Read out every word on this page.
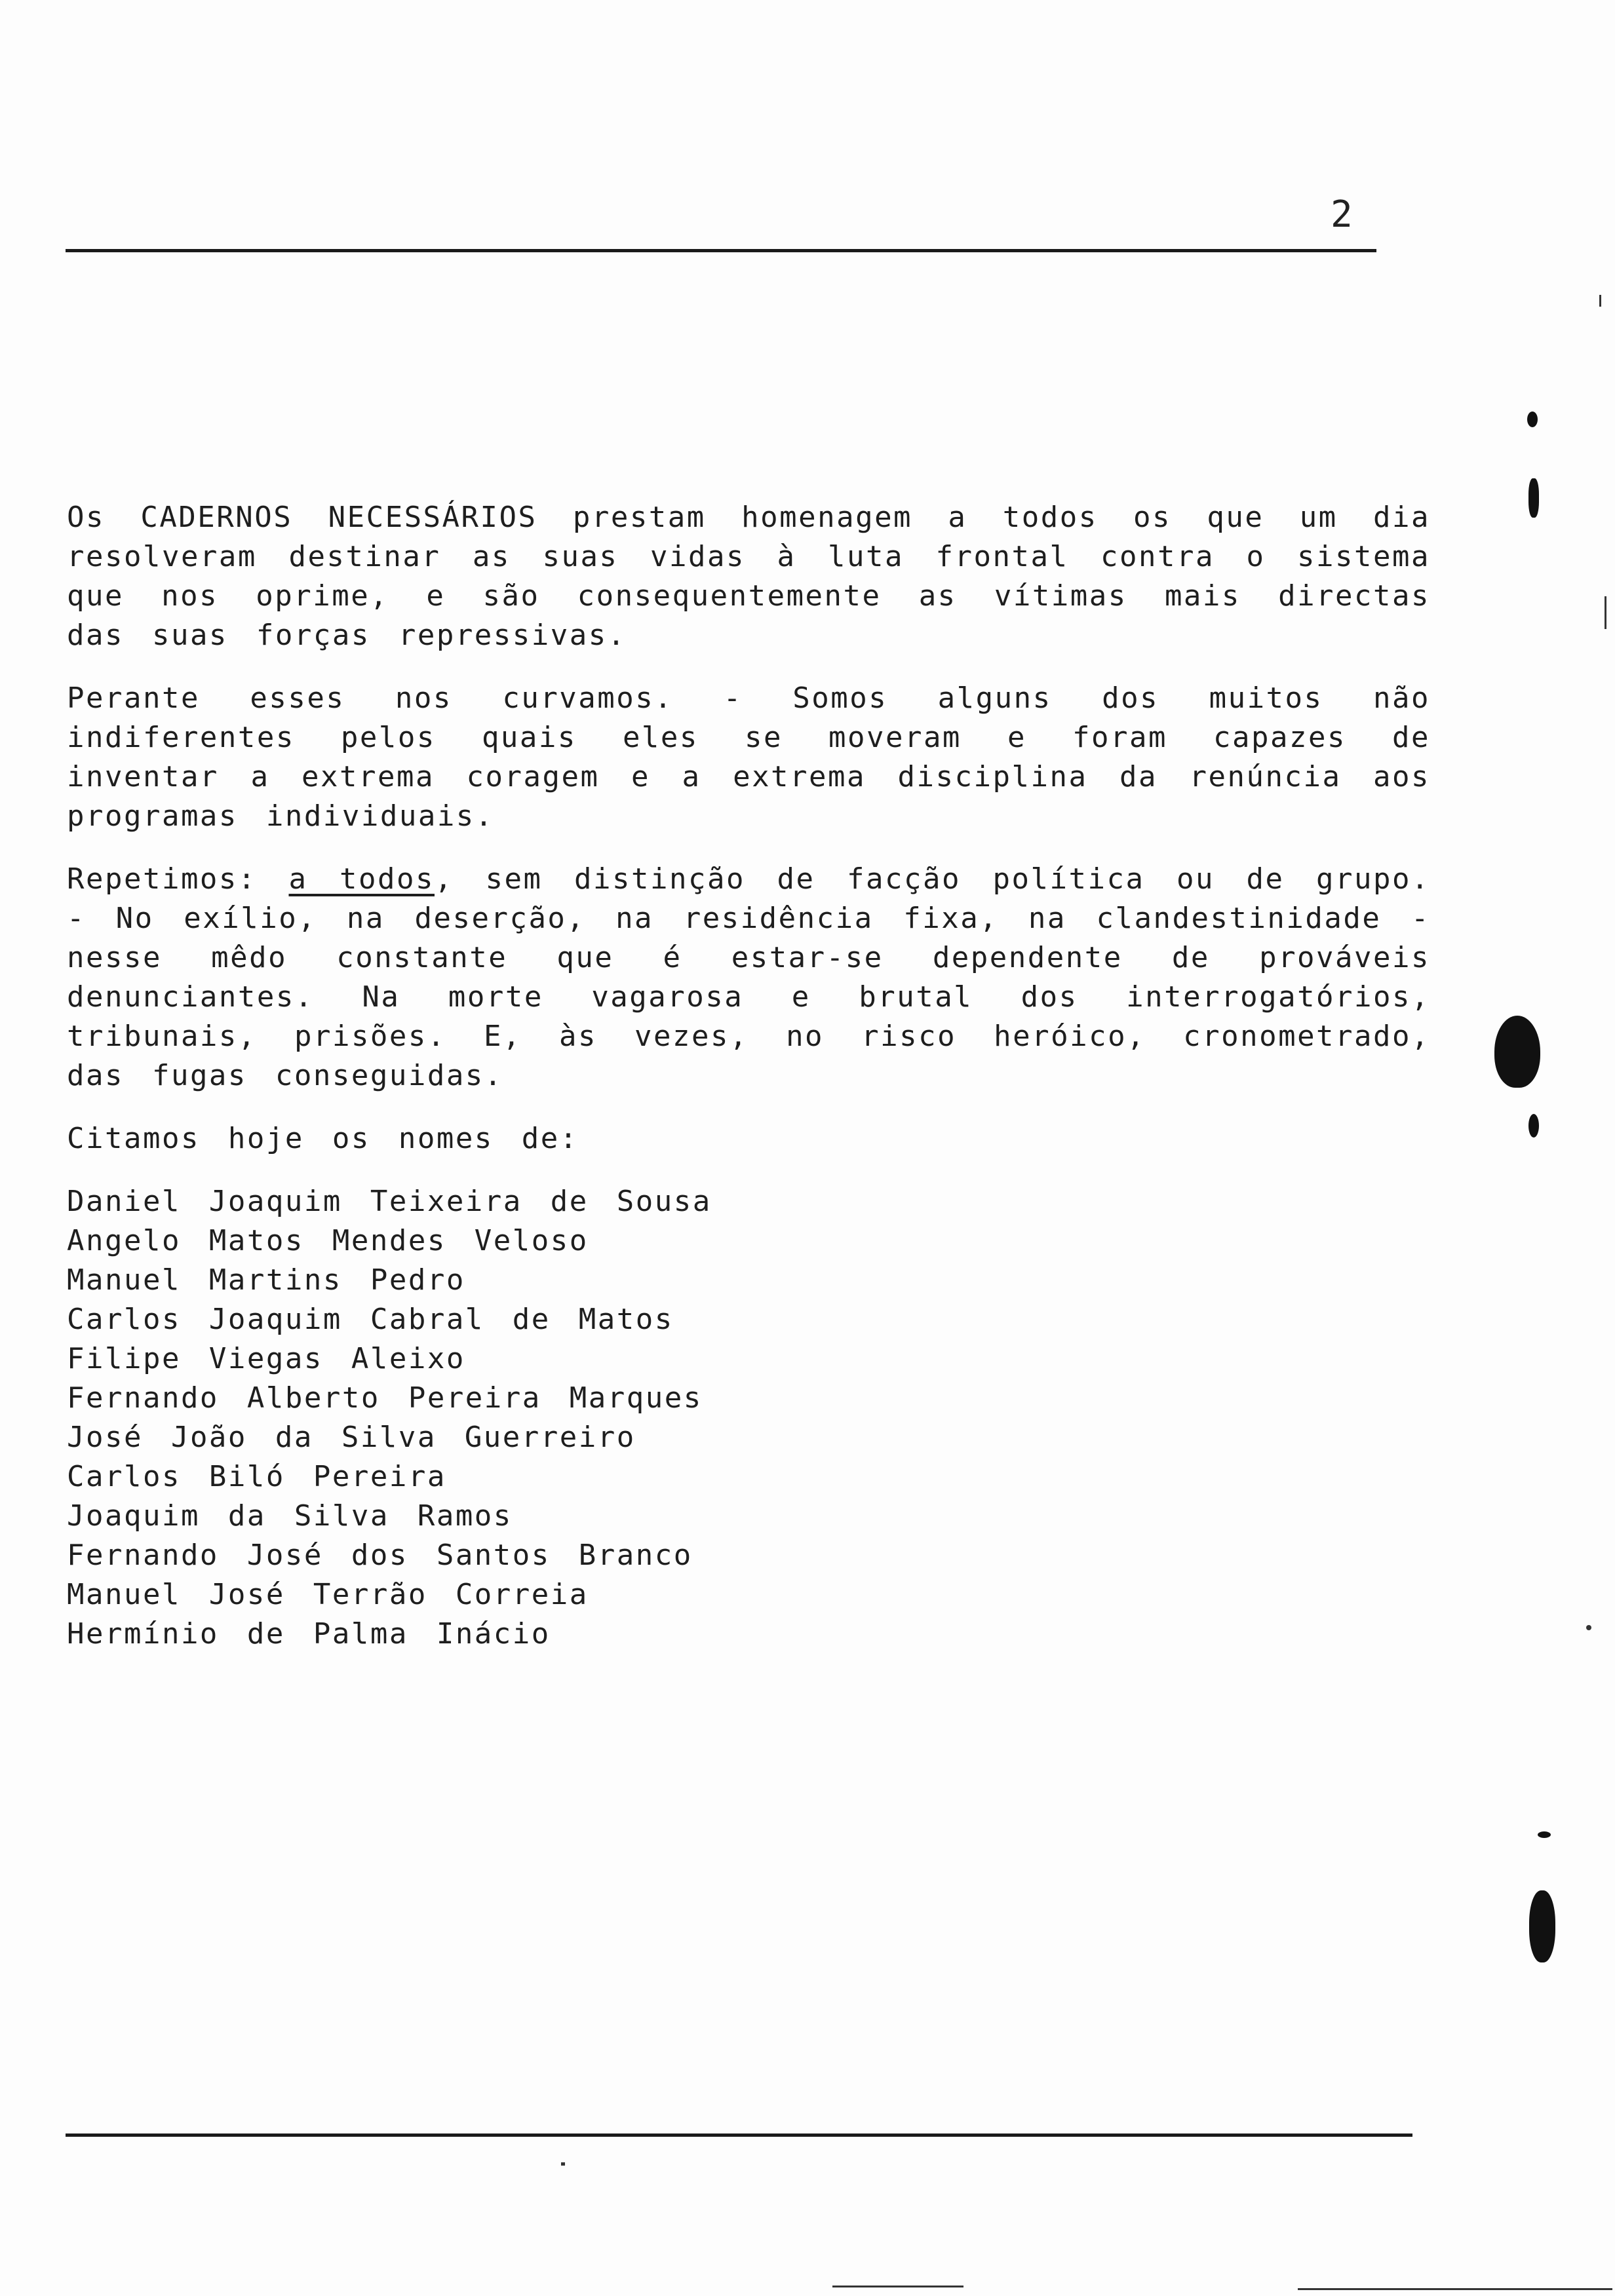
2

Os CADERNOS NECESSÁRIOS prestam homenagem a todos os que um dia resolveram destinar as suas vidas à luta frontal contra o sistema que nos oprime, e são consequentemente as vítimas mais directas das suas forças repressivas.

Perante esses nos curvamos. - Somos alguns dos muitos não indiferentes pelos quais eles se moveram e foram capazes de inventar a extrema coragem e a extrema disciplina da renúncia aos programas individuais.

Repetimos: a todos, sem distinção de facção política ou de grupo. - No exílio, na deserção, na residência fixa, na clandestinidade - nesse mêdo constante que é estar-se dependente de prováveis denunciantes. Na morte vagarosa e brutal dos interrogatórios, tribunais, prisões. E, às vezes, no risco heróico, cronometrado, das fugas conseguidas.

Citamos hoje os nomes de:

Daniel Joaquim Teixeira de Sousa
Angelo Matos Mendes Veloso
Manuel Martins Pedro
Carlos Joaquim Cabral de Matos
Filipe Viegas Aleixo
Fernando Alberto Pereira Marques
José João da Silva Guerreiro
Carlos Biló Pereira
Joaquim da Silva Ramos
Fernando José dos Santos Branco
Manuel José Terrão Correia
Hermínio de Palma Inácio
